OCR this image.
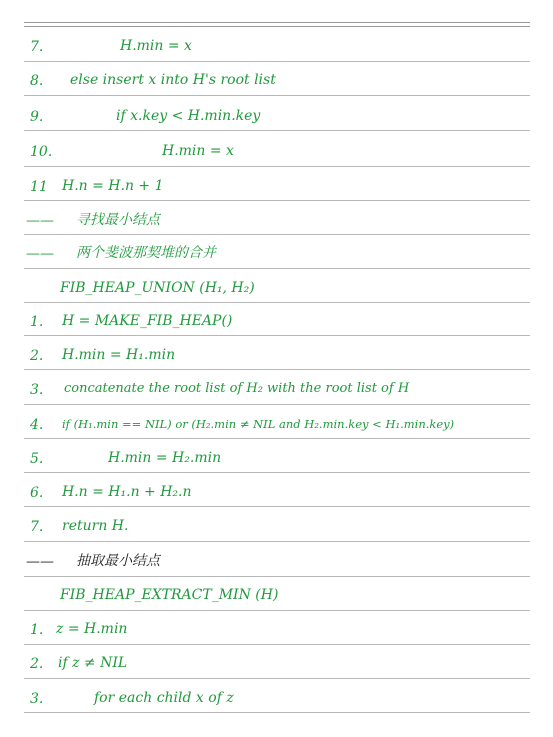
7.	H.min = x
8. else insert x into H's root list
9.	if x.key < H.min.key
10.	H.min = x
11 H.n = H.n + 1
—— 寻找最小结点
—— 两个斐波那契堆的合并
FIB_HEAP_UNION (H₁, H₂)
1. H = MAKE_FIB_HEAP()
2. H.min = H₁.min
3. concatenate the root list of H₂ with the root list of H
4. if (H₁.min == NIL) or (H₂.min ≠ NIL and H₂.min.key < H₁.min.key)
5.	H.min = H₂.min
6. H.n = H₁.n + H₂.n
7. return H.
—— 抽取最小结点
FIB_HEAP_EXTRACT_MIN (H)
1. z = H.min
2. if z ≠ NIL
3.	for each child x of z
